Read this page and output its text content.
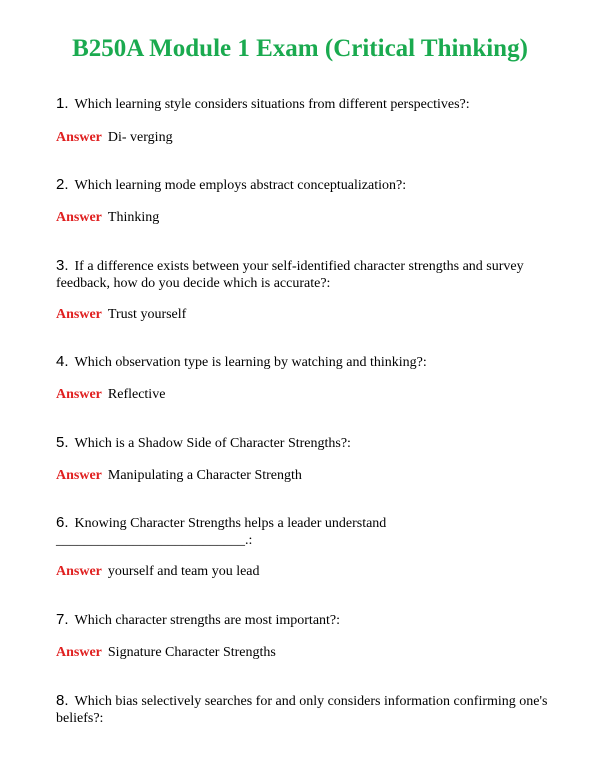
B250A Module 1 Exam (Critical Thinking)
1. Which learning style considers situations from different perspectives?:
Answer Di- verging
2. Which learning mode employs abstract conceptualization?:
Answer Thinking
3. If a difference exists between your self-identified character strengths and survey feedback, how do you decide which is accurate?:
Answer Trust yourself
4. Which observation type is learning by watching and thinking?:
Answer Reflective
5. Which is a Shadow Side of Character Strengths?:
Answer Manipulating a Character Strength
6. Knowing Character Strengths helps a leader understand ___________________________.:
Answer yourself and team you lead
7. Which character strengths are most important?:
Answer Signature Character Strengths
8. Which bias selectively searches for and only considers information confirming one's beliefs?:
